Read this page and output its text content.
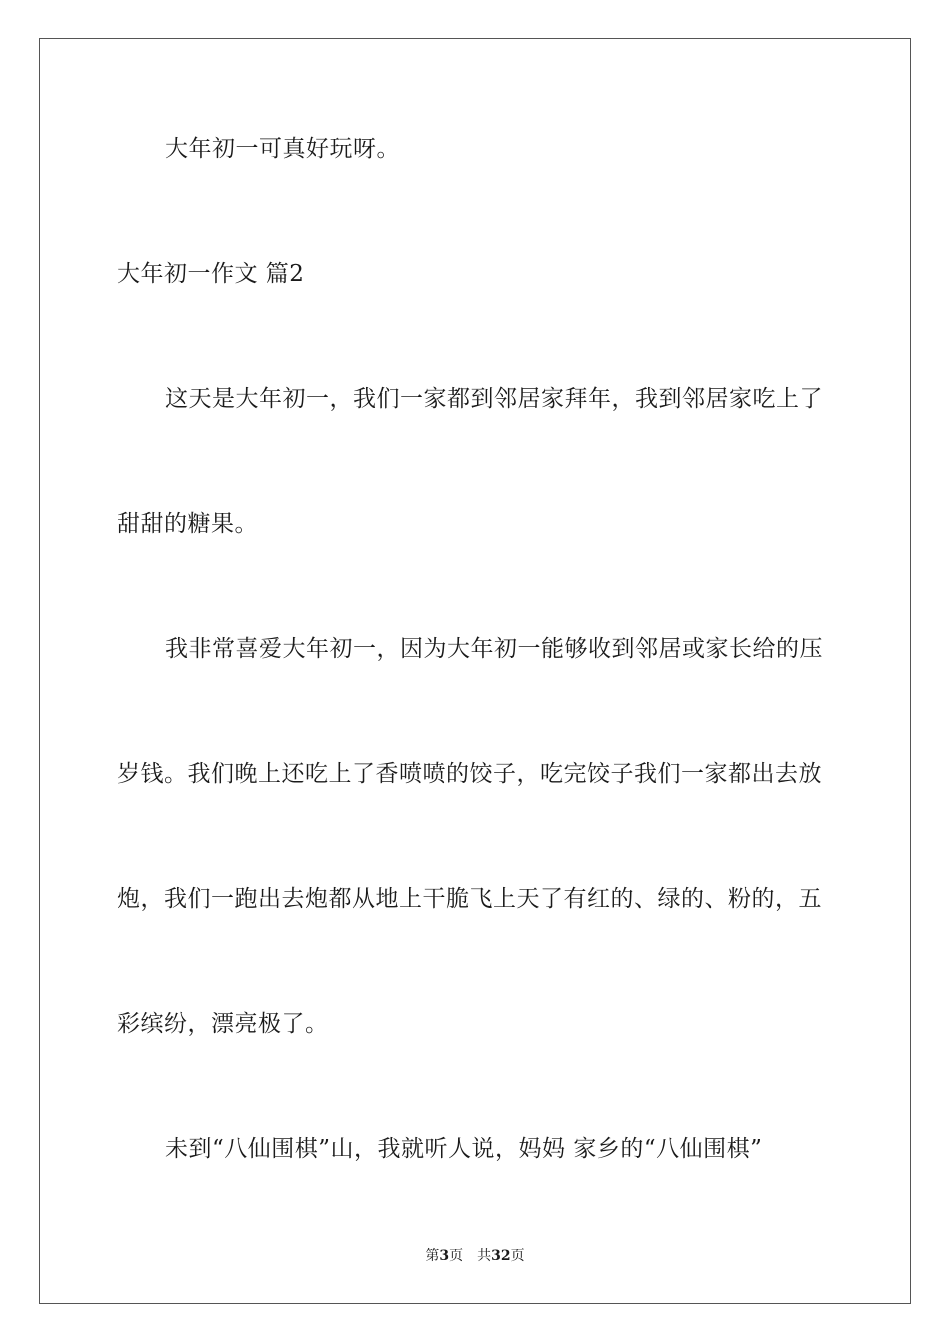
大年初一可真好玩呀。
大年初一作文 篇2
这天是大年初一，我们一家都到邻居家拜年，我到邻居家吃上了
甜甜的糖果。
我非常喜爱大年初一，因为大年初一能够收到邻居或家长给的压
岁钱。我们晚上还吃上了香喷喷的饺子，吃完饺子我们一家都出去放
炮，我们一跑出去炮都从地上干脆飞上天了有红的、绿的、粉的，五
彩缤纷，漂亮极了。
未到“八仙围棋”山，我就听人说，妈妈 家乡的“八仙围棋”
第3页 共32页
